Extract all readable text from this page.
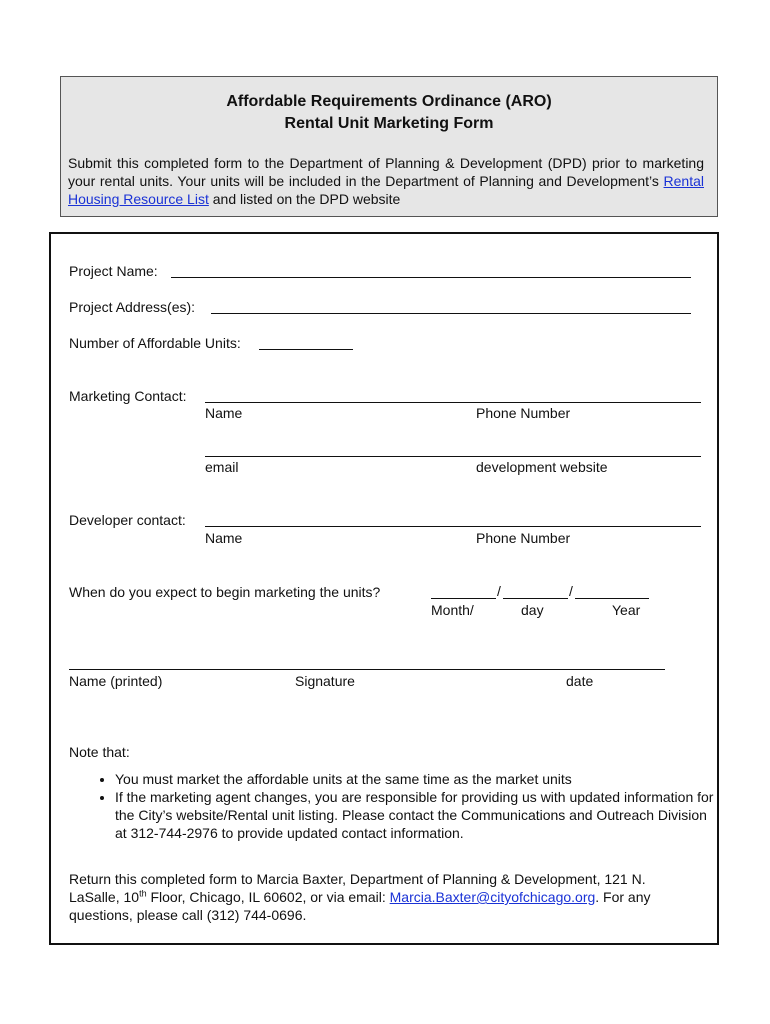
Affordable Requirements Ordinance (ARO)
Rental Unit Marketing Form
Submit this completed form to the Department of Planning & Development (DPD) prior to marketing your rental units. Your units will be included in the Department of Planning and Development’s Rental Housing Resource List and listed on the DPD website
Project Name:
Project Address(es):
Number of Affordable Units:
Marketing Contact:
Name	Phone Number
email	development website
Developer contact:
Name	Phone Number
When do you expect to begin marketing the units?	/	/
Month/	day	Year
Name (printed)	Signature	date
Note that:
• You must market the affordable units at the same time as the market units
• If the marketing agent changes, you are responsible for providing us with updated information for the City’s website/Rental unit listing. Please contact the Communications and Outreach Division at 312-744-2976 to provide updated contact information.
Return this completed form to Marcia Baxter, Department of Planning & Development, 121 N. LaSalle, 10th Floor, Chicago, IL 60602, or via email: Marcia.Baxter@cityofchicago.org. For any questions, please call (312) 744-0696.
